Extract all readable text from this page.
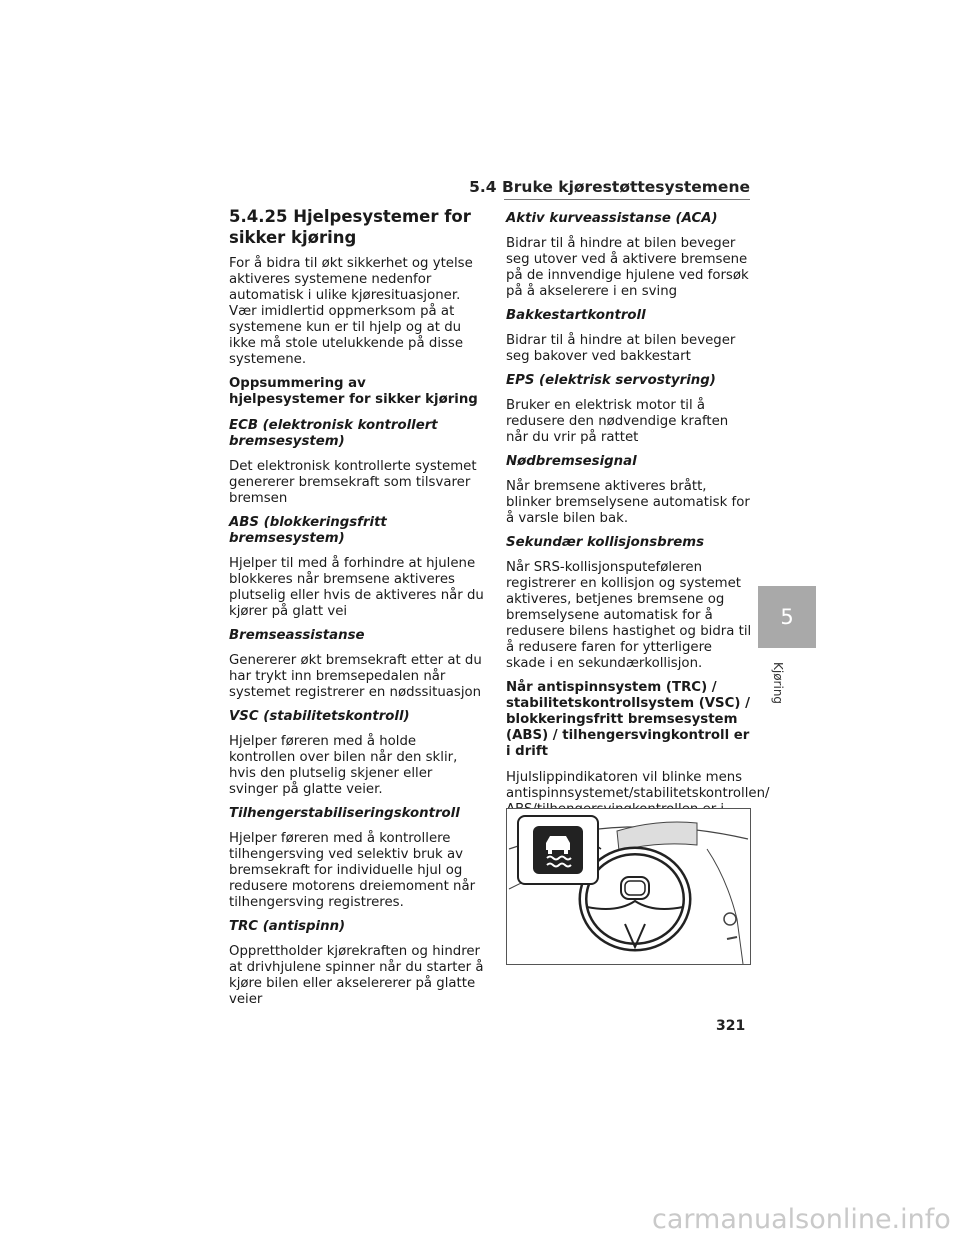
5.4 Bruke kjørestøttesystemene
5.4.25 Hjelpesystemer for sikker kjøring
For å bidra til økt sikkerhet og ytelse aktiveres systemene nedenfor automatisk i ulike kjøresituasjoner. Vær imidlertid oppmerksom på at systemene kun er til hjelp og at du ikke må stole utelukkende på disse systemene.
Oppsummering av hjelpesystemer for sikker kjøring
ECB (elektronisk kontrollert bremsesystem)
Det elektronisk kontrollerte systemet genererer bremsekraft som tilsvarer bremsen
ABS (blokkeringsfritt bremsesystem)
Hjelper til med å forhindre at hjulene blokkeres når bremsene aktiveres plutselig eller hvis de aktiveres når du kjører på glatt vei
Bremseassistanse
Genererer økt bremsekraft etter at du har trykt inn bremsepedalen når systemet registrerer en nødssituasjon
VSC (stabilitetskontroll)
Hjelper føreren med å holde kontrollen over bilen når den sklir, hvis den plutselig skjener eller svinger på glatte veier.
Tilhengerstabiliseringskontroll
Hjelper føreren med å kontrollere tilhengersving ved selektiv bruk av bremsekraft for individuelle hjul og redusere motorens dreiemoment når tilhengersving registreres.
TRC (antispinn)
Opprettholder kjørekraften og hindrer at drivhjulene spinner når du starter å kjøre bilen eller akselererer på glatte veier
Aktiv kurveassistanse (ACA)
Bidrar til å hindre at bilen beveger seg utover ved å aktivere bremsene på de innvendige hjulene ved forsøk på å akselerere i en sving
Bakkestartkontroll
Bidrar til å hindre at bilen beveger seg bakover ved bakkestart
EPS (elektrisk servostyring)
Bruker en elektrisk motor til å redusere den nødvendige kraften når du vrir på rattet
Nødbremsesignal
Når bremsene aktiveres brått, blinker bremselysene automatisk for å varsle bilen bak.
Sekundær kollisjonsbrems
Når SRS-kollisjonsputeføleren registrerer en kollisjon og systemet aktiveres, betjenes bremsene og bremselysene automatisk for å redusere bilens hastighet og bidra til å redusere faren for ytterligere skade i en sekundærkollisjon.
Når antispinnsystem (TRC) / stabilitetskontrollsystem (VSC) / blokkeringsfritt bremsesystem (ABS) / tilhengersvingkontroll er i drift
Hjulslippindikatoren vil blinke mens antispinnsystemet/stabilitetskontrollen/
5
Kjøring
321
carmanualsonline.info
